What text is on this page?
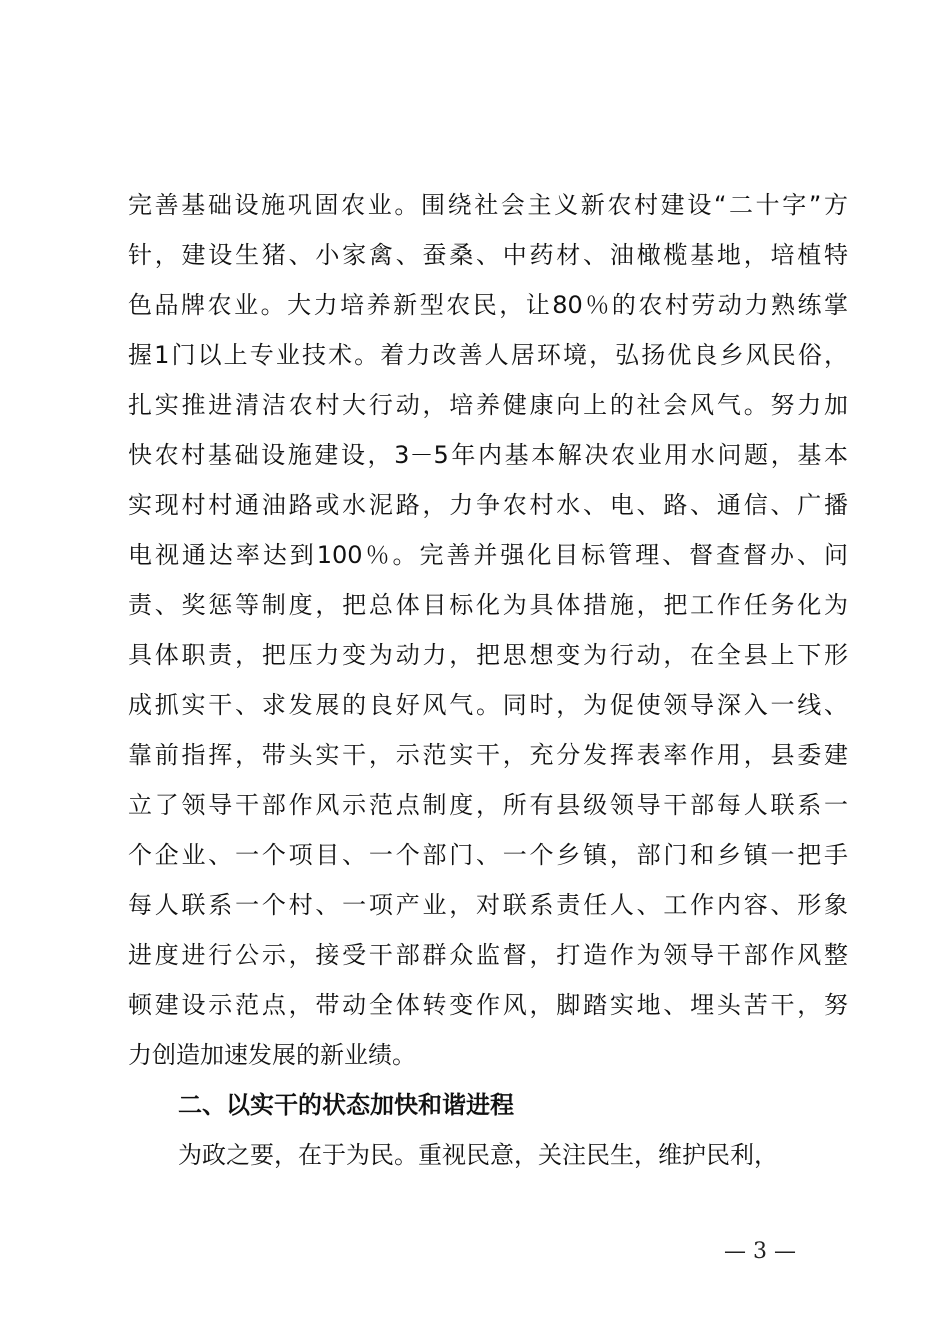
完善基础设施巩固农业。围绕社会主义新农村建设“二十字”方
针，建设生猪、小家禽、蚕桑、中药材、油橄榄基地，培植特
色品牌农业。大力培养新型农民，让80％的农村劳动力熟练掌
握1门以上专业技术。着力改善人居环境，弘扬优良乡风民俗，
扎实推进清洁农村大行动，培养健康向上的社会风气。努力加
快农村基础设施建设，3－5年内基本解决农业用水问题，基本
实现村村通油路或水泥路，力争农村水、电、路、通信、广播
电视通达率达到100％。完善并强化目标管理、督查督办、问
责、奖惩等制度，把总体目标化为具体措施，把工作任务化为
具体职责，把压力变为动力，把思想变为行动，在全县上下形
成抓实干、求发展的良好风气。同时，为促使领导深入一线、
靠前指挥，带头实干，示范实干，充分发挥表率作用，县委建
立了领导干部作风示范点制度，所有县级领导干部每人联系一
个企业、一个项目、一个部门、一个乡镇，部门和乡镇一把手
每人联系一个村、一项产业，对联系责任人、工作内容、形象
进度进行公示，接受干部群众监督，打造作为领导干部作风整
顿建设示范点，带动全体转变作风，脚踏实地、埋头苦干，努
力创造加速发展的新业绩。
二、以实干的状态加快和谐进程
为政之要，在于为民。重视民意，关注民生，维护民利，
— 3 —
